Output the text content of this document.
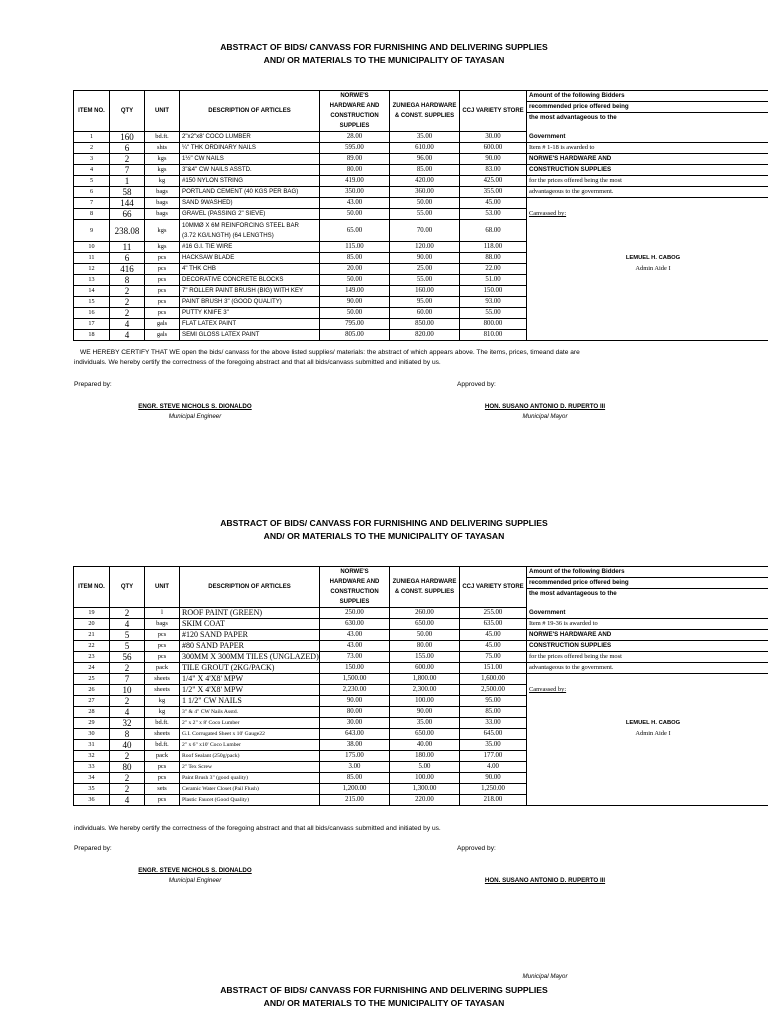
ABSTRACT OF BIDS/ CANVASS FOR FURNISHING AND DELIVERING SUPPLIES
AND/ OR MATERIALS TO THE MUNICIPALITY OF TAYASAN
ITEM NO.	QTY	UNIT	DESCRIPTION OF ARTICLES	NORWE'S HARDWARE AND CONSTRUCTION SUPPLIES	ZUNIEGA HARDWARE & CONST. SUPPLIES	CCJ VARIETY STORE	Amount of the following Bidders
recommended price offered being
the most advantageous to the

1	160	bd.ft.	2"x2"x8' COCO LUMBER	28.00	35.00	30.00	Government
2	6	shts	¼" THK ORDINARY NAILS	595.00	610.00	600.00	Item # 1-18 is awarded to
3	2	kgs	1½" CW NAILS	89.00	96.00	90.00	NORWE'S HARDWARE AND
4	7	kgs	3"&4" CW NAILS ASSTD.	80.00	85.00	83.00	CONSTRUCTION SUPPLIES
5	1	kg	#150 NYLON STRING	419.00	420.00	425.00	for the prices offered being the most
6	58	bags	PORTLAND CEMENT (40 KGS PER BAG)	350.00	360.00	355.00	advantageous to the government.
7	144	bags	SAND 9WASHED)	43.00	50.00	45.00	
8	66	bags	GRAVEL (PASSING 2" SIEVE)	50.00	55.00	53.00	Canvassed by:
9	238.08	kgs	10MMØ X 6M REINFORCING STEEL BAR
(3.72 KG/LNGTH) (64 LENGTHS)	65.00	70.00	68.00	
10	11	kgs	#16 G.I. TIE WIRE	115.00	120.00	118.00	
11	6	pcs	HACKSAW BLADE	85.00	90.00	88.00	LEMUEL H. CABOG
12	416	pcs	4" THK CHB	20.00	25.00	22.00	Admin Aide I
13	8	pcs	DECORATIVE CONCRETE BLOCKS	50.00	55.00	51.00	
14	2	pcs	7" ROLLER PAINT BRUSH (BIG) WITH KEY	149.00	160.00	150.00	
15	2	pcs	PAINT BRUSH 3" (GOOD QUALITY)	90.00	95.00	93.00	
16	2	pcs	PUTTY KNIFE 3"	50.00	60.00	55.00	
17	4	gals	FLAT LATEX PAINT	795.00	850.00	800.00	
18	4	gals	SEMI GLOSS LATEX PAINT	805.00	820.00	810.00	
WE HEREBY CERTIFY THAT WE open the bids/ canvass for the above listed supplies/ materials: the abstract of which appears above. The items, prices, timeand date are
individuals. We hereby certify the correctness of the foregoing abstract and that all bids/canvass submitted and initiated by us.
Prepared by:	Approved by:
ENGR. STEVE NICHOLS S. DIONALDO
Municipal Engineer
HON. SUSANO ANTONIO D. RUPERTO III
Municipal Mayor
ABSTRACT OF BIDS/ CANVASS FOR FURNISHING AND DELIVERING SUPPLIES
AND/ OR MATERIALS TO THE MUNICIPALITY OF TAYASAN
ITEM NO.	QTY	UNIT	DESCRIPTION OF ARTICLES	NORWE'S HARDWARE AND CONSTRUCTION SUPPLIES	ZUNIEGA HARDWARE & CONST. SUPPLIES	CCJ VARIETY STORE	Amount of the following Bidders
recommended price offered being
the most advantageous to the

19	2	l	ROOF PAINT (GREEN)	250.00	260.00	255.00	Government
20	4	bags	SKIM COAT	630.00	650.00	635.00	Item # 19-36 is awarded to
21	5	pcs	#120 SAND PAPER	43.00	50.00	45.00	NORWE'S HARDWARE AND
22	5	pcs	#80 SAND PAPER	43.00	80.00	45.00	CONSTRUCTION SUPPLIES
23	56	pcs	300MM X 300MM TILES (UNGLAZED)	73.00	155.00	75.00	for the prices offered being the most
24	2	pack	TILE GROUT (2KG/PACK)	150.00	600.00	151.00	advantageous to the government.
25	7	sheets	1/4" X 4'X8' MPW	1,500.00	1,800.00	1,600.00	
26	10	sheets	1/2" X 4'X8' MPW	2,230.00	2,300.00	2,500.00	Canvassed by:
27	2	kg	1 1/2" CW NAILS	90.00	100.00	95.00	
28	4	kg	3" & 4" CW Nails Asstd.	80.00	90.00	85.00	
29	32	bd.ft.	2" x 2" x 8' Coco Lumber	30.00	35.00	33.00	LEMUEL H. CABOG
30	8	sheets	G.I. Corrugated Sheet x 10' Gauge22	643.00	650.00	645.00	Admin Aide I
31	40	bd.ft.	2" x 6" x10' Coco Lumber	38.00	40.00	35.00	
32	2	pack	Roof Sealant (250g/pack)	175.00	180.00	177.00	
33	80	pcs	2" Tex Screw	3.00	5.00	4.00	
34	2	pcs	Paint Brush 3" (good quality)	85.00	100.00	90.00	
35	2	sets	Ceramic Water Closet (Pail Flush)	1,200.00	1,300.00	1,250.00	
36	4	pcs	Plastic Faucet (Good Quality)	215.00	220.00	218.00	
individuals. We hereby certify the correctness of the foregoing abstract and that all bids/canvass submitted and initiated by us.
Prepared by:	Approved by:
ENGR. STEVE NICHOLS S. DIONALDO
Municipal Engineer	HON. SUSANO ANTONIO D. RUPERTO III
Municipal Mayor
ABSTRACT OF BIDS/ CANVASS FOR FURNISHING AND DELIVERING SUPPLIES
AND/ OR MATERIALS TO THE MUNICIPALITY OF TAYASAN
